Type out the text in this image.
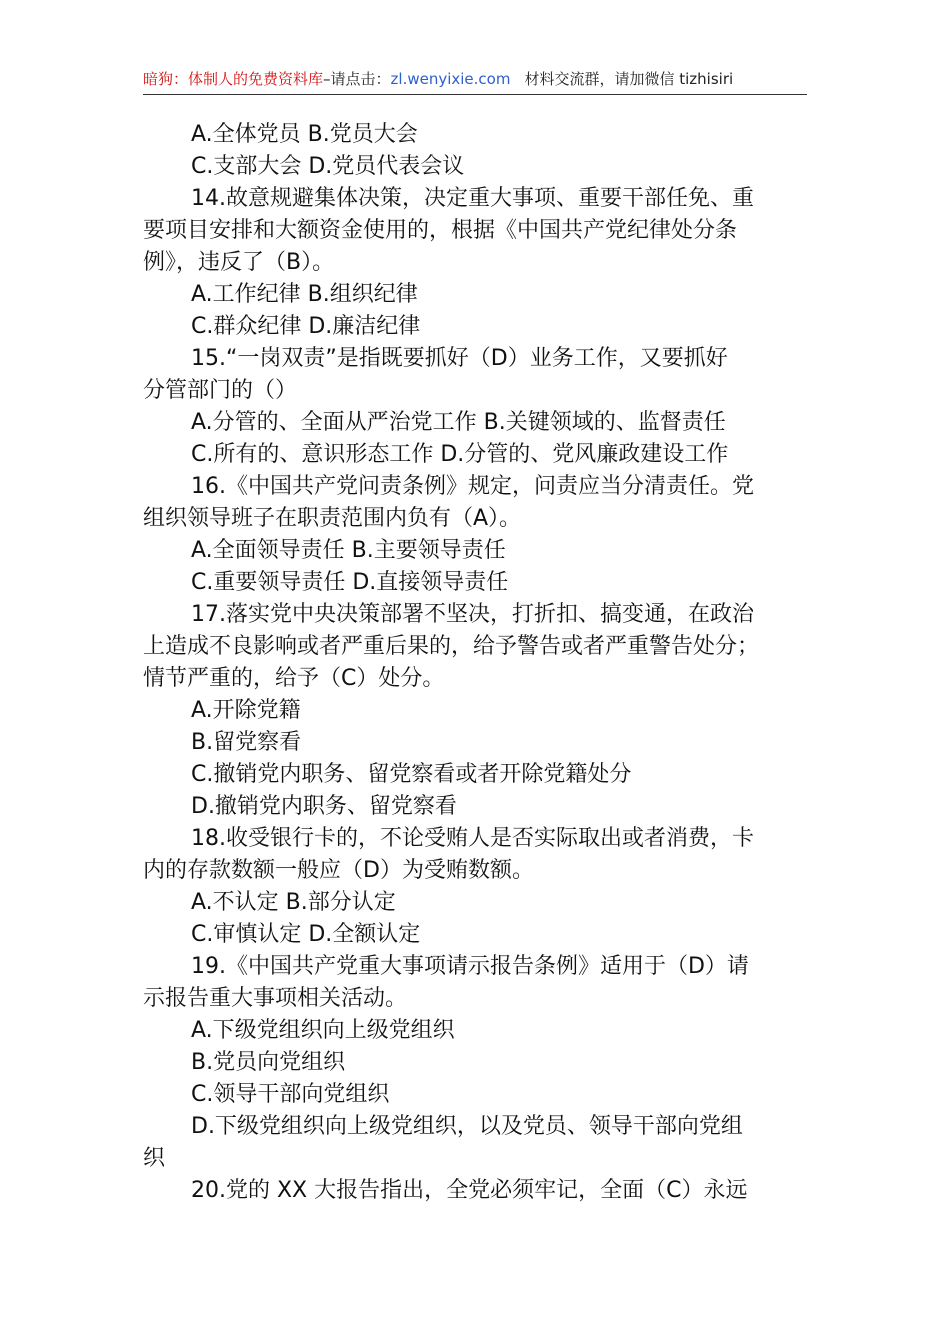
暗狗：体制人的免费资料库–请点击：zl.wenyixie.com 材料交流群，请加微信 tizhisiri
A.全体党员 B.党员大会
C.支部大会 D.党员代表会议
14.故意规避集体决策，决定重大事项、重要干部任免、重
要项目安排和大额资金使用的，根据《中国共产党纪律处分条
例》，违反了（B）。
A.工作纪律 B.组织纪律
C.群众纪律 D.廉洁纪律
15.“一岗双责”是指既要抓好（D）业务工作，又要抓好
分管部门的（）
A.分管的、全面从严治党工作 B.关键领域的、监督责任
C.所有的、意识形态工作 D.分管的、党风廉政建设工作
16.《中国共产党问责条例》规定，问责应当分清责任。党
组织领导班子在职责范围内负有（A）。
A.全面领导责任 B.主要领导责任
C.重要领导责任 D.直接领导责任
17.落实党中央决策部署不坚决，打折扣、搞变通，在政治
上造成不良影响或者严重后果的，给予警告或者严重警告处分；
情节严重的，给予（C）处分。
A.开除党籍
B.留党察看
C.撤销党内职务、留党察看或者开除党籍处分
D.撤销党内职务、留党察看
18.收受银行卡的，不论受贿人是否实际取出或者消费，卡
内的存款数额一般应（D）为受贿数额。
A.不认定 B.部分认定
C.审慎认定 D.全额认定
19.《中国共产党重大事项请示报告条例》适用于（D）请
示报告重大事项相关活动。
A.下级党组织向上级党组织
B.党员向党组织
C.领导干部向党组织
D.下级党组织向上级党组织，以及党员、领导干部向党组
织
20.党的 XX 大报告指出，全党必须牢记，全面（C）永远
